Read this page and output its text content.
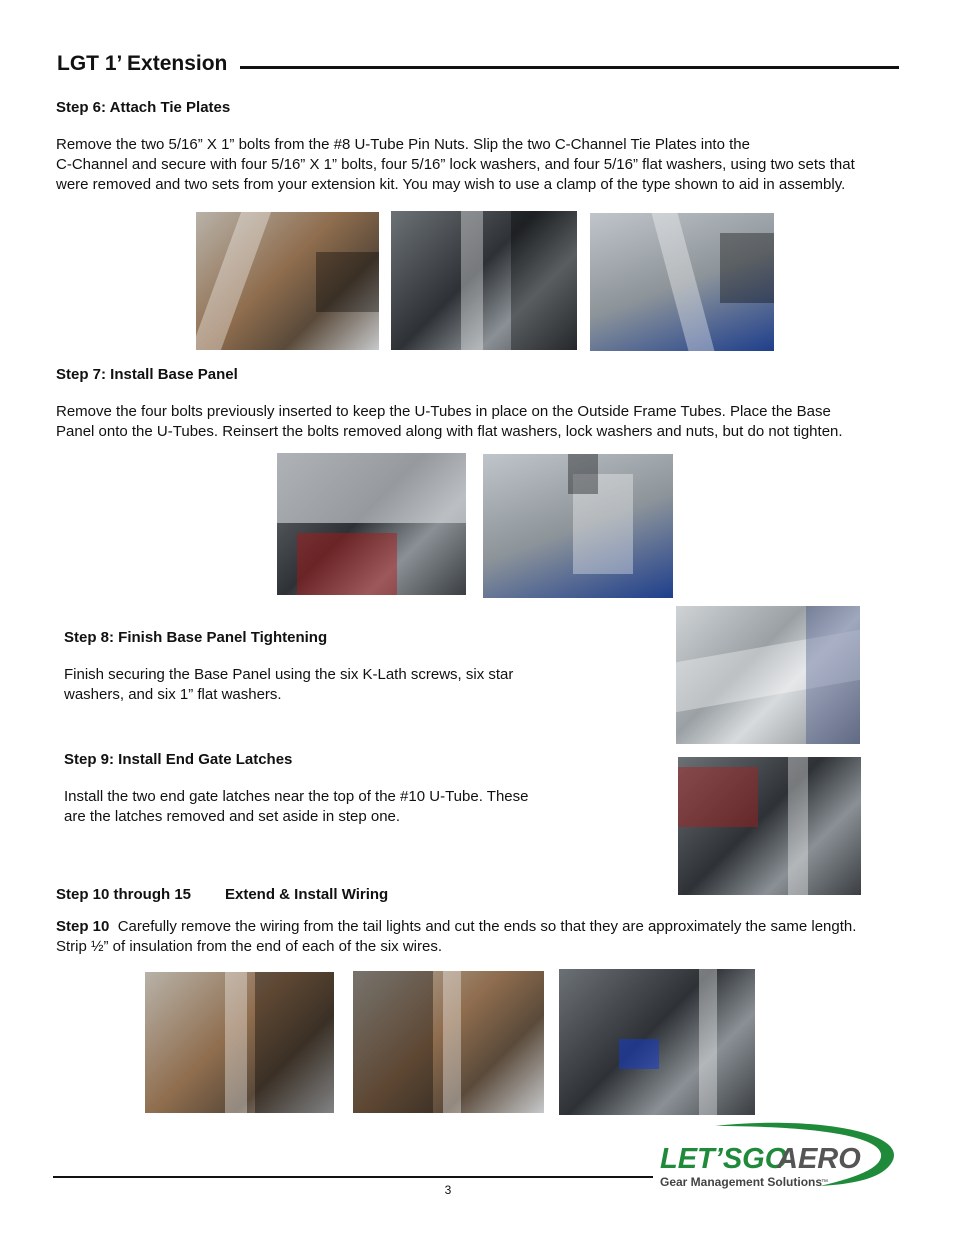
LGT 1’ Extension
Step 6: Attach Tie Plates
Remove the two 5/16” X 1” bolts from the #8 U-Tube Pin Nuts. Slip the two C-Channel Tie Plates into the
C-Channel and secure with four 5/16” X 1” bolts, four 5/16” lock washers, and four 5/16” flat washers, using two sets that
were removed and two sets from your extension kit. You may wish to use a clamp of the type shown to aid in assembly.
Step 7: Install Base Panel
Remove the four bolts previously inserted to keep the U-Tubes in place on the Outside Frame Tubes. Place the Base
Panel onto the U-Tubes. Reinsert the bolts removed along with flat washers, lock washers and nuts, but do not tighten.
Step 8: Finish Base Panel Tightening
Finish securing the Base Panel using the six K-Lath screws, six star
washers, and six 1” flat washers.
Step 9: Install End Gate Latches
Install the two end gate latches near the top of the #10 U-Tube. These
are the latches removed and set aside in step one.
Step 10 through 15 Extend & Install Wiring
Step 10 Carefully remove the wiring from the tail lights and cut the ends so that they are approximately the same length.
Strip ½” of insulation from the end of each of the six wires.
3
LET’SGO
AERO
Gear Management Solutions
™
